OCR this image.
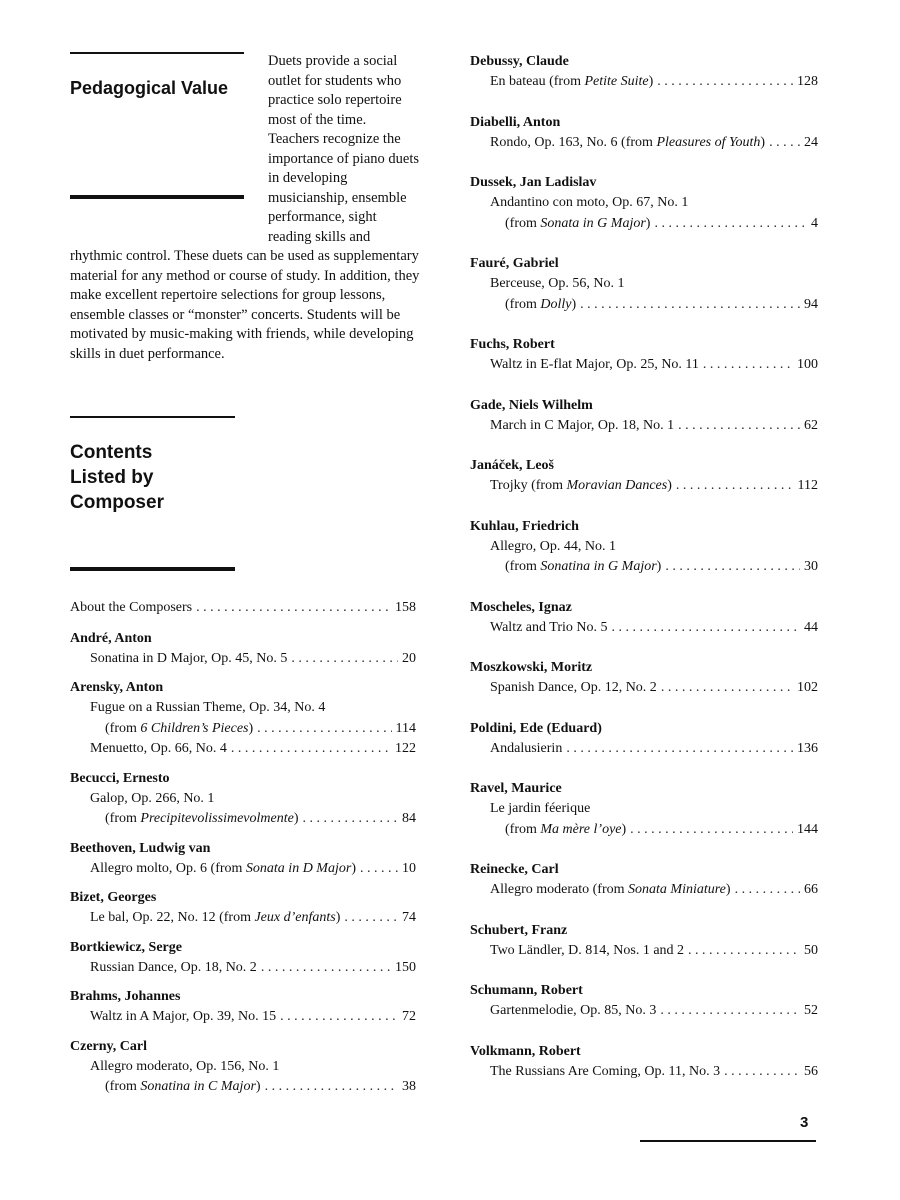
Pedagogical Value
Duets provide a social outlet for students who practice solo repertoire most of the time. Teachers recognize the importance of piano duets in developing musicianship, ensemble performance, sight reading skills and rhythmic control. These duets can be used as supplementary material for any method or course of study. In addition, they make excellent repertoire selections for group lessons, ensemble classes or “monster” concerts. Students will be motivated by music-making with friends, while developing skills in duet performance.
Contents
Listed by
Composer
About the Composers . . .	158
André, Anton
Sonatina in D Major, Op. 45, No. 5 . . .	20
Arensky, Anton
Fugue on a Russian Theme, Op. 34, No. 4
(from 6 Children’s Pieces) . . .	114
Menuetto, Op. 66, No. 4 . . .	122
Becucci, Ernesto
Galop, Op. 266, No. 1
(from Precipitevolissimevolmente) . . .	84
Beethoven, Ludwig van
Allegro molto, Op. 6 (from Sonata in D Major) . . .	10
Bizet, Georges
Le bal, Op. 22, No. 12 (from Jeux d’enfants) . . .	74
Bortkiewicz, Serge
Russian Dance, Op. 18, No. 2 . . .	150
Brahms, Johannes
Waltz in A Major, Op. 39, No. 15 . . .	72
Czerny, Carl
Allegro moderato, Op. 156, No. 1
(from Sonatina in C Major) . . .	38
Debussy, Claude
En bateau (from Petite Suite) . . .	128
Diabelli, Anton
Rondo, Op. 163, No. 6 (from Pleasures of Youth) . . .	24
Dussek, Jan Ladislav
Andantino con moto, Op. 67, No. 1
(from Sonata in G Major) . . .	4
Fauré, Gabriel
Berceuse, Op. 56, No. 1
(from Dolly) . . .	94
Fuchs, Robert
Waltz in E-flat Major, Op. 25, No. 11 . . .	100
Gade, Niels Wilhelm
March in C Major, Op. 18, No. 1 . . .	62
Janáček, Leoš
Trojky (from Moravian Dances) . . .	112
Kuhlau, Friedrich
Allegro, Op. 44, No. 1
(from Sonatina in G Major) . . .	30
Moscheles, Ignaz
Waltz and Trio No. 5 . . .	44
Moszkowski, Moritz
Spanish Dance, Op. 12, No. 2 . . .	102
Poldini, Ede (Eduard)
Andalusierin . . .	136
Ravel, Maurice
Le jardin féerique
(from Ma mère l’oye) . . .	144
Reinecke, Carl
Allegro moderato (from Sonata Miniature) . . .	66
Schubert, Franz
Two Ländler, D. 814, Nos. 1 and 2 . . .	50
Schumann, Robert
Gartenmelodie, Op. 85, No. 3 . . .	52
Volkmann, Robert
The Russians Are Coming, Op. 11, No. 3 . . .	56
3
